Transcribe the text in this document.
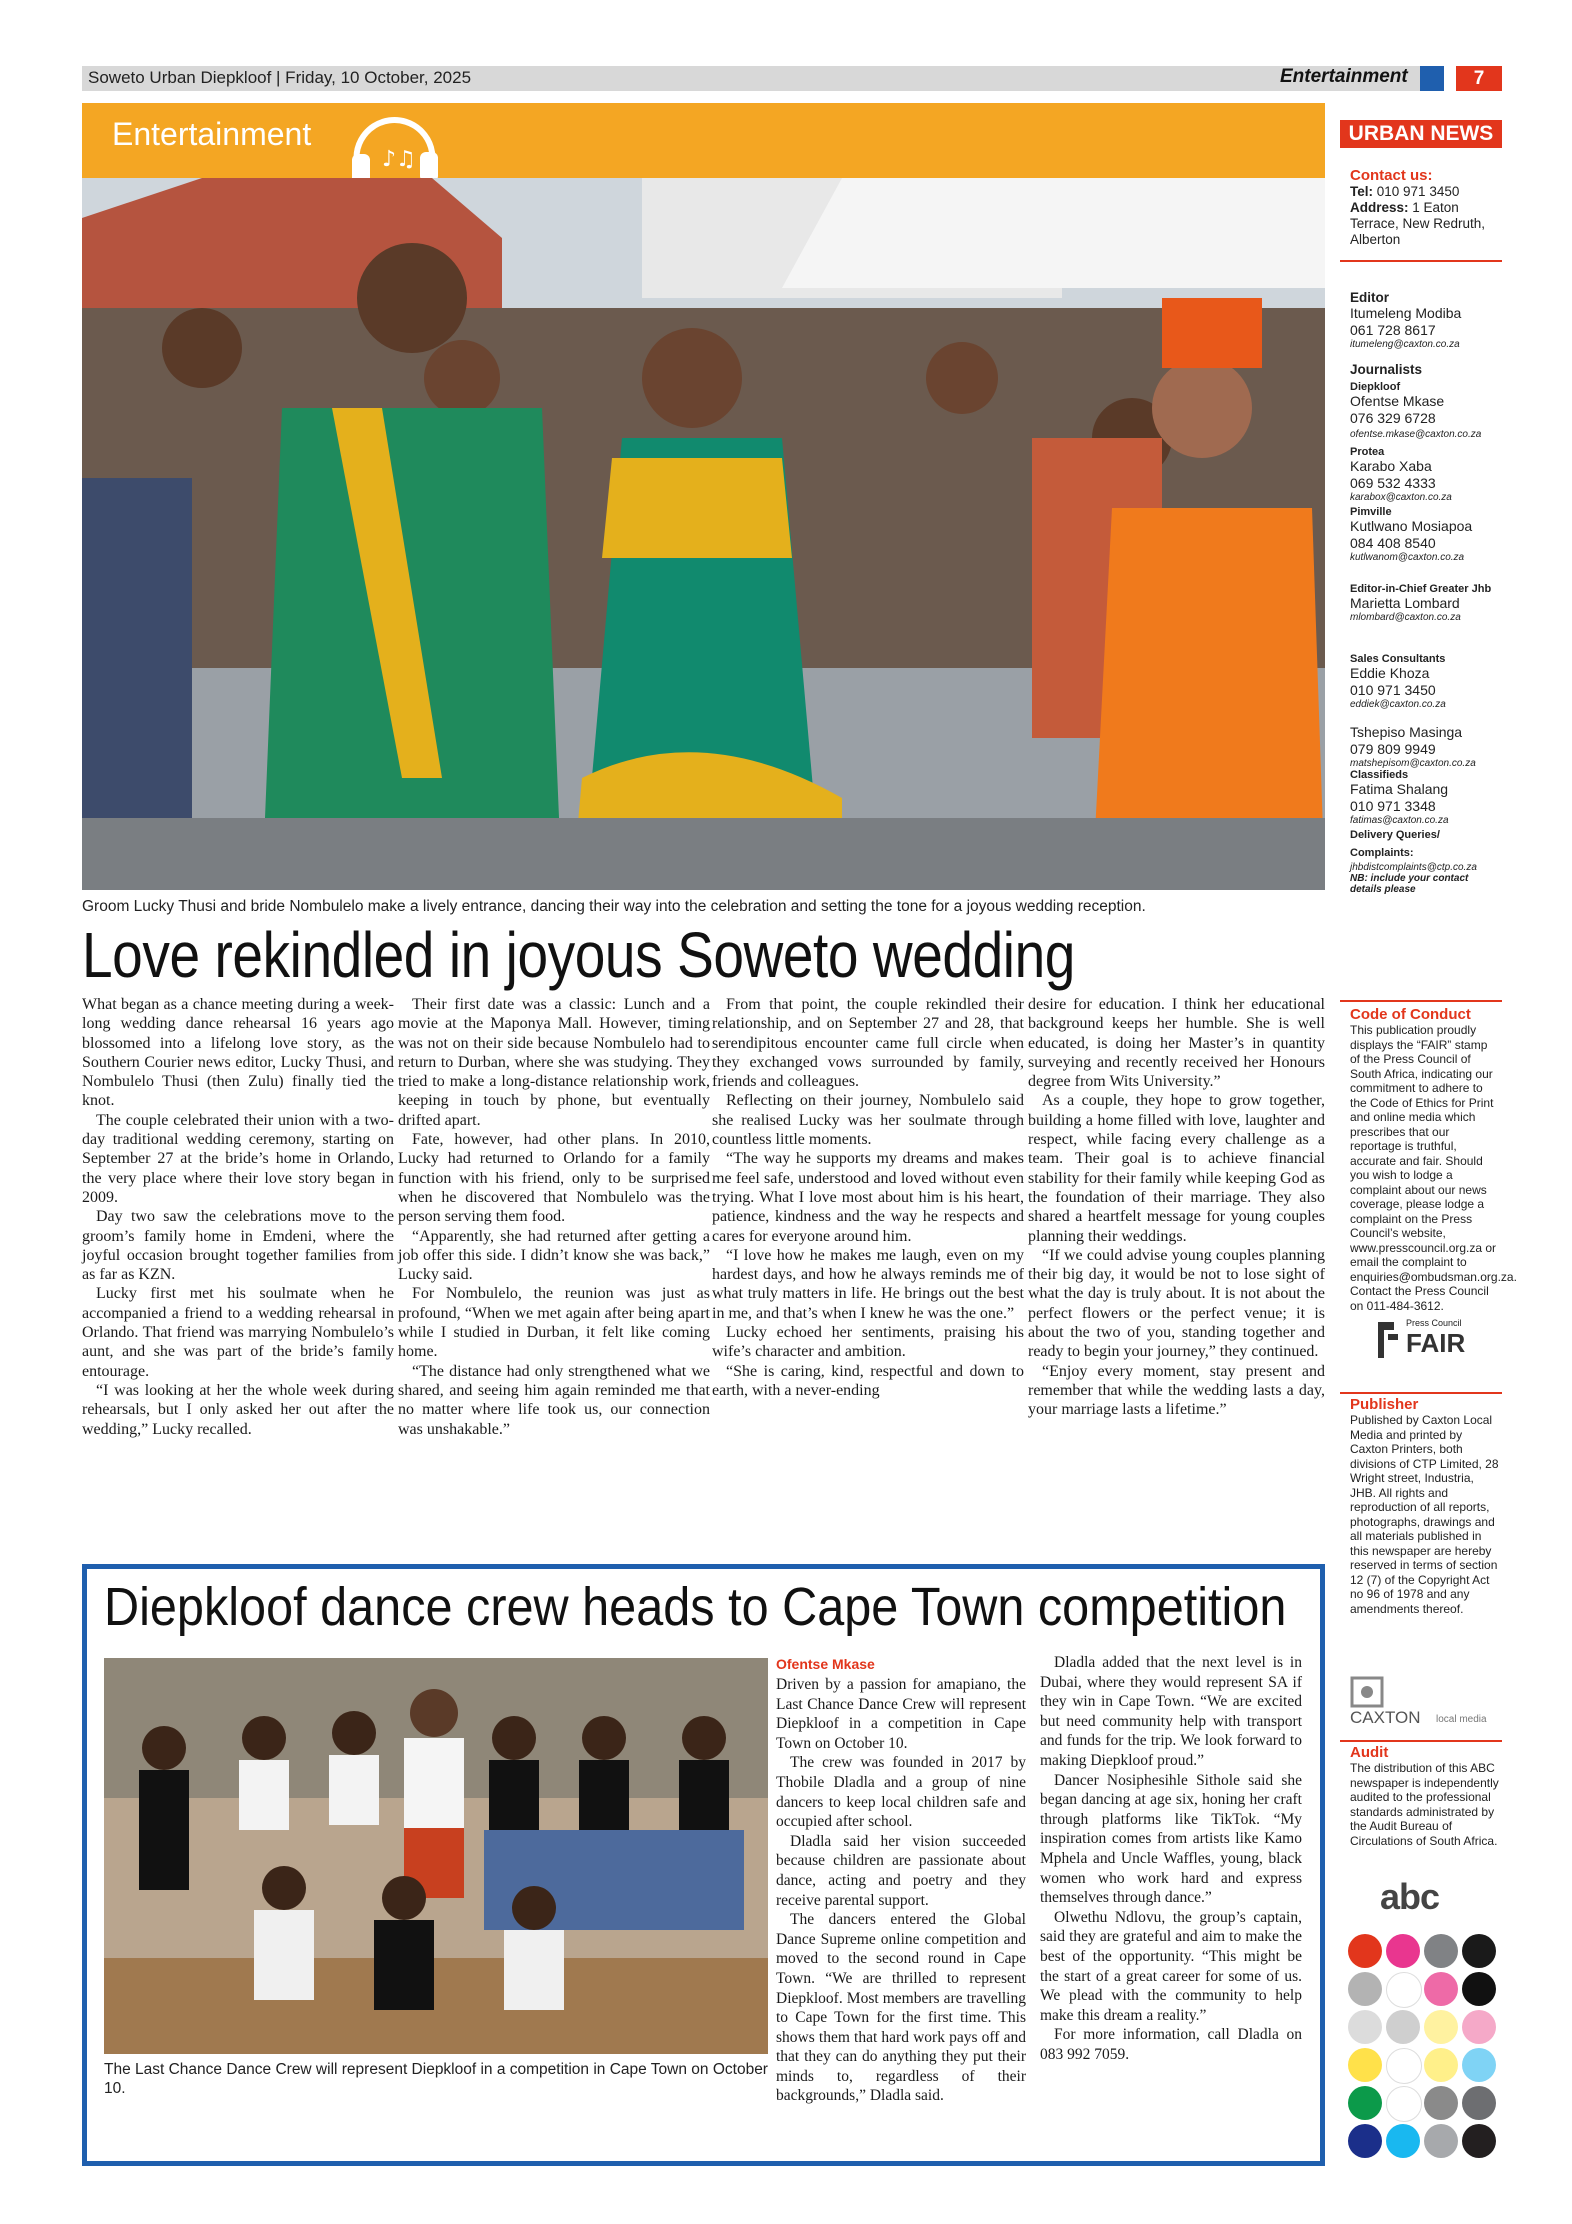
Soweto Urban Diepkloof | Friday, 10 October, 2025	Entertainment	7
Entertainment
♪♫
Groom Lucky Thusi and bride Nombulelo make a lively entrance, dancing their way into the celebration and setting the tone for a joyous wedding reception.
Love rekindled in joyous Soweto wedding

What began as a chance meeting during a week-long wedding dance rehearsal 16 years ago blossomed into a lifelong love story, as the Southern Courier news editor, Lucky Thusi, and Nombulelo Thusi (then Zulu) finally tied the knot.

The couple celebrated their union with a two-day traditional wedding ceremony, starting on September 27 at the bride’s home in Orlando, the very place where their love story began in 2009.

Day two saw the celebrations move to the groom’s family home in Emdeni, where the joyful occasion brought together families from as far as KZN.

Lucky first met his soulmate when he accompanied a friend to a wedding rehearsal in Orlando. That friend was marrying Nombulelo’s aunt, and she was part of the bride’s family entourage.

“I was looking at her the whole week during rehearsals, but I only asked her out after the wedding,” Lucky recalled.

Their first date was a classic: Lunch and a movie at the Maponya Mall. However, timing was not on their side because Nombulelo had to return to Durban, where she was studying. They tried to make a long-distance relationship work, keeping in touch by phone, but eventually drifted apart.

Fate, however, had other plans. In 2010, Lucky had returned to Orlando for a family function with his friend, only to be surprised when he discovered that Nombulelo was the person serving them food.

“Apparently, she had returned after getting a job offer this side. I didn’t know she was back,” Lucky said.

For Nombulelo, the reunion was just as profound, “When we met again after being apart while I studied in Durban, it felt like coming home.

“The distance had only strengthened what we shared, and seeing him again reminded me that no matter where life took us, our connection was unshakable.”

From that point, the couple rekindled their relationship, and on September 27 and 28, that serendipitous encounter came full circle when they exchanged vows surrounded by family, friends and colleagues.

Reflecting on their journey, Nombulelo said she realised Lucky was her soulmate through countless little moments.

“The way he supports my dreams and makes me feel safe, understood and loved without even trying. What I love most about him is his heart, patience, kindness and the way he respects and cares for everyone around him.

“I love how he makes me laugh, even on my hardest days, and how he always reminds me of what truly matters in life. He brings out the best in me, and that’s when I knew he was the one.”

Lucky echoed her sentiments, praising his wife’s character and ambition.

“She is caring, kind, respectful and down to earth, with a never-ending

desire for education. I think her educational background keeps her humble. She is well educated, is doing her Master’s in quantity surveying and recently received her Honours degree from Wits University.”

As a couple, they hope to grow together, building a home filled with love, laughter and respect, while facing every challenge as a team. Their goal is to achieve financial stability for their family while keeping God as the foundation of their marriage. They also shared a heartfelt message for young couples planning their weddings.

“If we could advise young couples planning their big day, it would be not to lose sight of what the day is truly about. It is not about the perfect flowers or the perfect venue; it is about the two of you, standing together and ready to begin your journey,” they continued.

“Enjoy every moment, stay present and remember that while the wedding lasts a day, your marriage lasts a lifetime.”

Diepkloof dance crew heads to Cape Town competition
The Last Chance Dance Crew will represent Diepkloof in a competition in Cape Town on October 10.
Ofentse Mkase

Driven by a passion for amapiano, the Last Chance Dance Crew will represent Diepkloof in a competition in Cape Town on October 10.

The crew was founded in 2017 by Thobile Dladla and a group of nine dancers to keep local children safe and occupied after school.

Dladla said her vision succeeded because children are passionate about dance, acting and poetry and they receive parental support.

The dancers entered the Global Dance Supreme online competition and moved to the second round in Cape Town. “We are thrilled to represent Diepkloof. Most members are travelling to Cape Town for the first time. This shows them that hard work pays off and that they can do anything they put their minds to, regardless of their backgrounds,” Dladla said.

Dladla added that the next level is in Dubai, where they would represent SA if they win in Cape Town. “We are excited but need community help with transport and funds for the trip. We look forward to making Diepkloof proud.”

Dancer Nosiphesihle Sithole said she began dancing at age six, honing her craft through platforms like TikTok. “My inspiration comes from artists like Kamo Mphela and Uncle Waffles, young, black women who work hard and express themselves through dance.”

Olwethu Ndlovu, the group’s captain, said they are grateful and aim to make the best of the opportunity. “This might be the start of a great career for some of us. We plead with the community to help make this dream a reality.”

For more information, call Dladla on 083 992 7059.

URBAN NEWS
Contact us:
Tel: 010 971 3450
Address: 1 Eaton Terrace, New Redruth, Alberton
Editor
Itumeleng Modiba
061 728 8617
itumeleng@caxton.co.za
Journalists
Diepkloof
Ofentse Mkase
076 329 6728
ofentse.mkase@caxton.co.za
Protea
Karabo Xaba
069 532 4333
karabox@caxton.co.za
Pimville
Kutlwano Mosiapoa
084 408 8540
kutlwanom@caxton.co.za
Editor-in-Chief Greater Jhb
Marietta Lombard
mlombard@caxton.co.za
Sales Consultants
Eddie Khoza
010 971 3450
eddiek@caxton.co.za
Tshepiso Masinga
079 809 9949
matshepisom@caxton.co.za
Classifieds
Fatima Shalang
010 971 3348
fatimas@caxton.co.za
Delivery Queries/ Complaints:
jhbdistcomplaints@ctp.co.za
NB: include your contact details please
Code of Conduct
This publication proudly displays the “FAIR” stamp of the Press Council of South Africa, indicating our commitment to adhere to the Code of Ethics for Print and online media which prescribes that our reportage is truthful, accurate and fair. Should you wish to lodge a complaint about our news coverage, please lodge a complaint on the Press Council’s website, www.presscouncil.org.za or email the complaint to enquiries@ombudsman.org.za. Contact the Press Council on 011-484-3612.
Press Council
FAIR
Publisher
Published by Caxton Local Media and printed by Caxton Printers, both divisions of CTP Limited, 28 Wright street, Industria, JHB. All rights and reproduction of all reports, photographs, drawings and all materials published in this newspaper are hereby reserved in terms of section 12 (7) of the Copyright Act no 96 of 1978 and any amendments thereof.
CAXTON local media
Audit
The distribution of this ABC newspaper is independently audited to the professional standards administrated by the Audit Bureau of Circulations of South Africa.
abc
